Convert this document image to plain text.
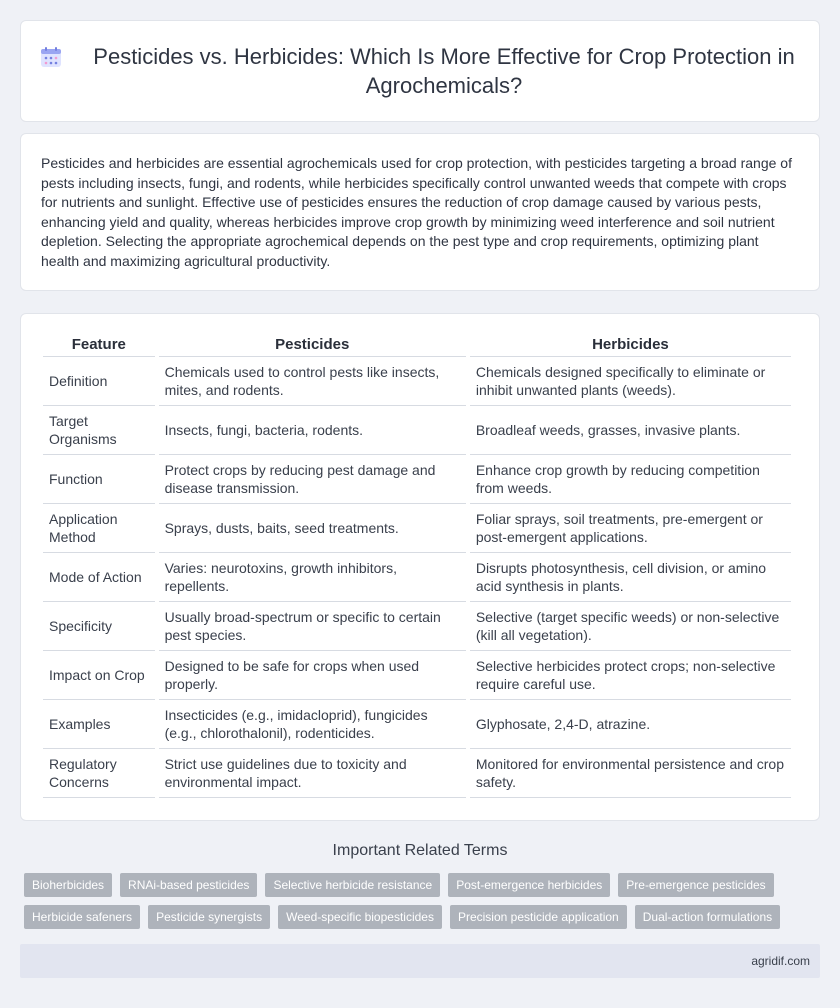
Pesticides vs. Herbicides: Which Is More Effective for Crop Protection in Agrochemicals?

Pesticides and herbicides are essential agrochemicals used for crop protection, with pesticides targeting a broad range of pests including insects, fungi, and rodents, while herbicides specifically control unwanted weeds that compete with crops for nutrients and sunlight. Effective use of pesticides ensures the reduction of crop damage caused by various pests, enhancing yield and quality, whereas herbicides improve crop growth by minimizing weed interference and soil nutrient depletion. Selecting the appropriate agrochemical depends on the pest type and crop requirements, optimizing plant health and maximizing agricultural productivity.

Feature	Pesticides	Herbicides
Definition	Chemicals used to control pests like insects, mites, and rodents.	Chemicals designed specifically to eliminate or inhibit unwanted plants (weeds).
Target Organisms	Insects, fungi, bacteria, rodents.	Broadleaf weeds, grasses, invasive plants.
Function	Protect crops by reducing pest damage and disease transmission.	Enhance crop growth by reducing competition from weeds.
Application Method	Sprays, dusts, baits, seed treatments.	Foliar sprays, soil treatments, pre-emergent or post-emergent applications.
Mode of Action	Varies: neurotoxins, growth inhibitors, repellents.	Disrupts photosynthesis, cell division, or amino acid synthesis in plants.
Specificity	Usually broad-spectrum or specific to certain pest species.	Selective (target specific weeds) or non-selective (kill all vegetation).
Impact on Crop	Designed to be safe for crops when used properly.	Selective herbicides protect crops; non-selective require careful use.
Examples	Insecticides (e.g., imidacloprid), fungicides (e.g., chlorothalonil), rodenticides.	Glyphosate, 2,4-D, atrazine.
Regulatory Concerns	Strict use guidelines due to toxicity and environmental impact.	Monitored for environmental persistence and crop safety.
Important Related Terms
Bioherbicides	RNAi-based pesticides	Selective herbicide resistance	Post-emergence herbicides	Pre-emergence pesticides
Herbicide safeners	Pesticide synergists	Weed-specific biopesticides	Precision pesticide application	Dual-action formulations
agridif.com
